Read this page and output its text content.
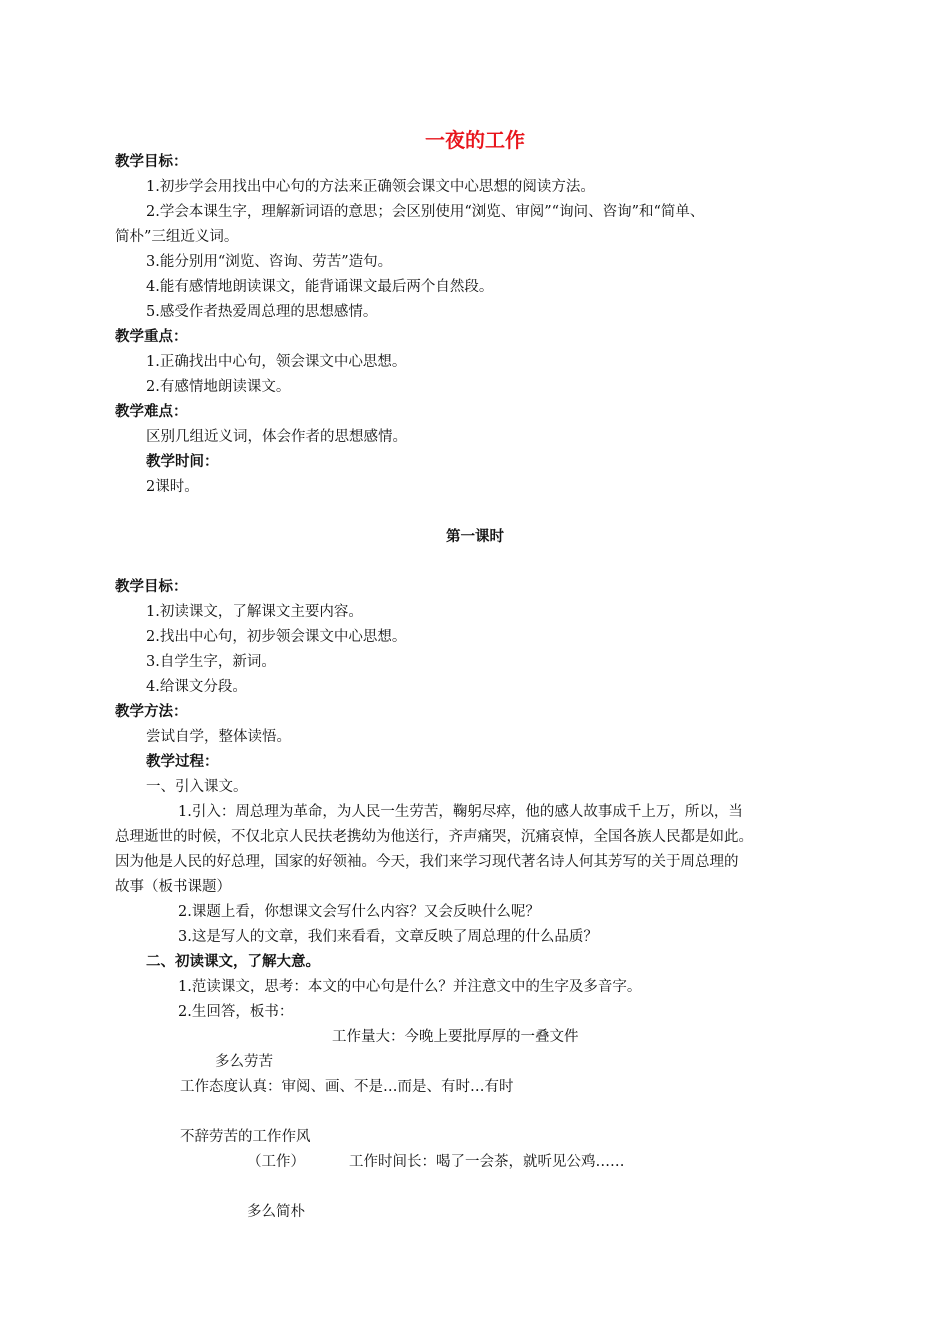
一夜的工作
教学目标：
1.初步学会用找出中心句的方法来正确领会课文中心思想的阅读方法。
2.学会本课生字，理解新词语的意思；会区别使用“浏览、审阅”“询问、咨询”和“简单、
简朴”三组近义词。
3.能分别用“浏览、咨询、劳苦”造句。
4.能有感情地朗读课文，能背诵课文最后两个自然段。
5.感受作者热爱周总理的思想感情。
教学重点：
1.正确找出中心句，领会课文中心思想。
2.有感情地朗读课文。
教学难点：
区别几组近义词，体会作者的思想感情。
教学时间：
2课时。
第一课时
教学目标：
1.初读课文，了解课文主要内容。
2.找出中心句，初步领会课文中心思想。
3.自学生字，新词。
4.给课文分段。
教学方法：
尝试自学，整体读悟。
教学过程：
一、引入课文。
1.引入：周总理为革命，为人民一生劳苦，鞠躬尽瘁，他的感人故事成千上万，所以，当
总理逝世的时候，不仅北京人民扶老携幼为他送行，齐声痛哭，沉痛哀悼，全国各族人民都是如此。
因为他是人民的好总理，国家的好领袖。今天，我们来学习现代著名诗人何其芳写的关于周总理的
故事（板书课题）
2.课题上看，你想课文会写什么内容？又会反映什么呢？
3.这是写人的文章，我们来看看，文章反映了周总理的什么品质？
二、初读课文，了解大意。
1.范读课文，思考：本文的中心句是什么？并注意文中的生字及多音字。
2.生回答，板书：
工作量大：今晚上要批厚厚的一叠文件
多么劳苦
工作态度认真：审阅、画、不是…而是、有时…有时
不辞劳苦的工作作风
（工作）	工作时间长：喝了一会茶，就听见公鸡……
多么简朴
